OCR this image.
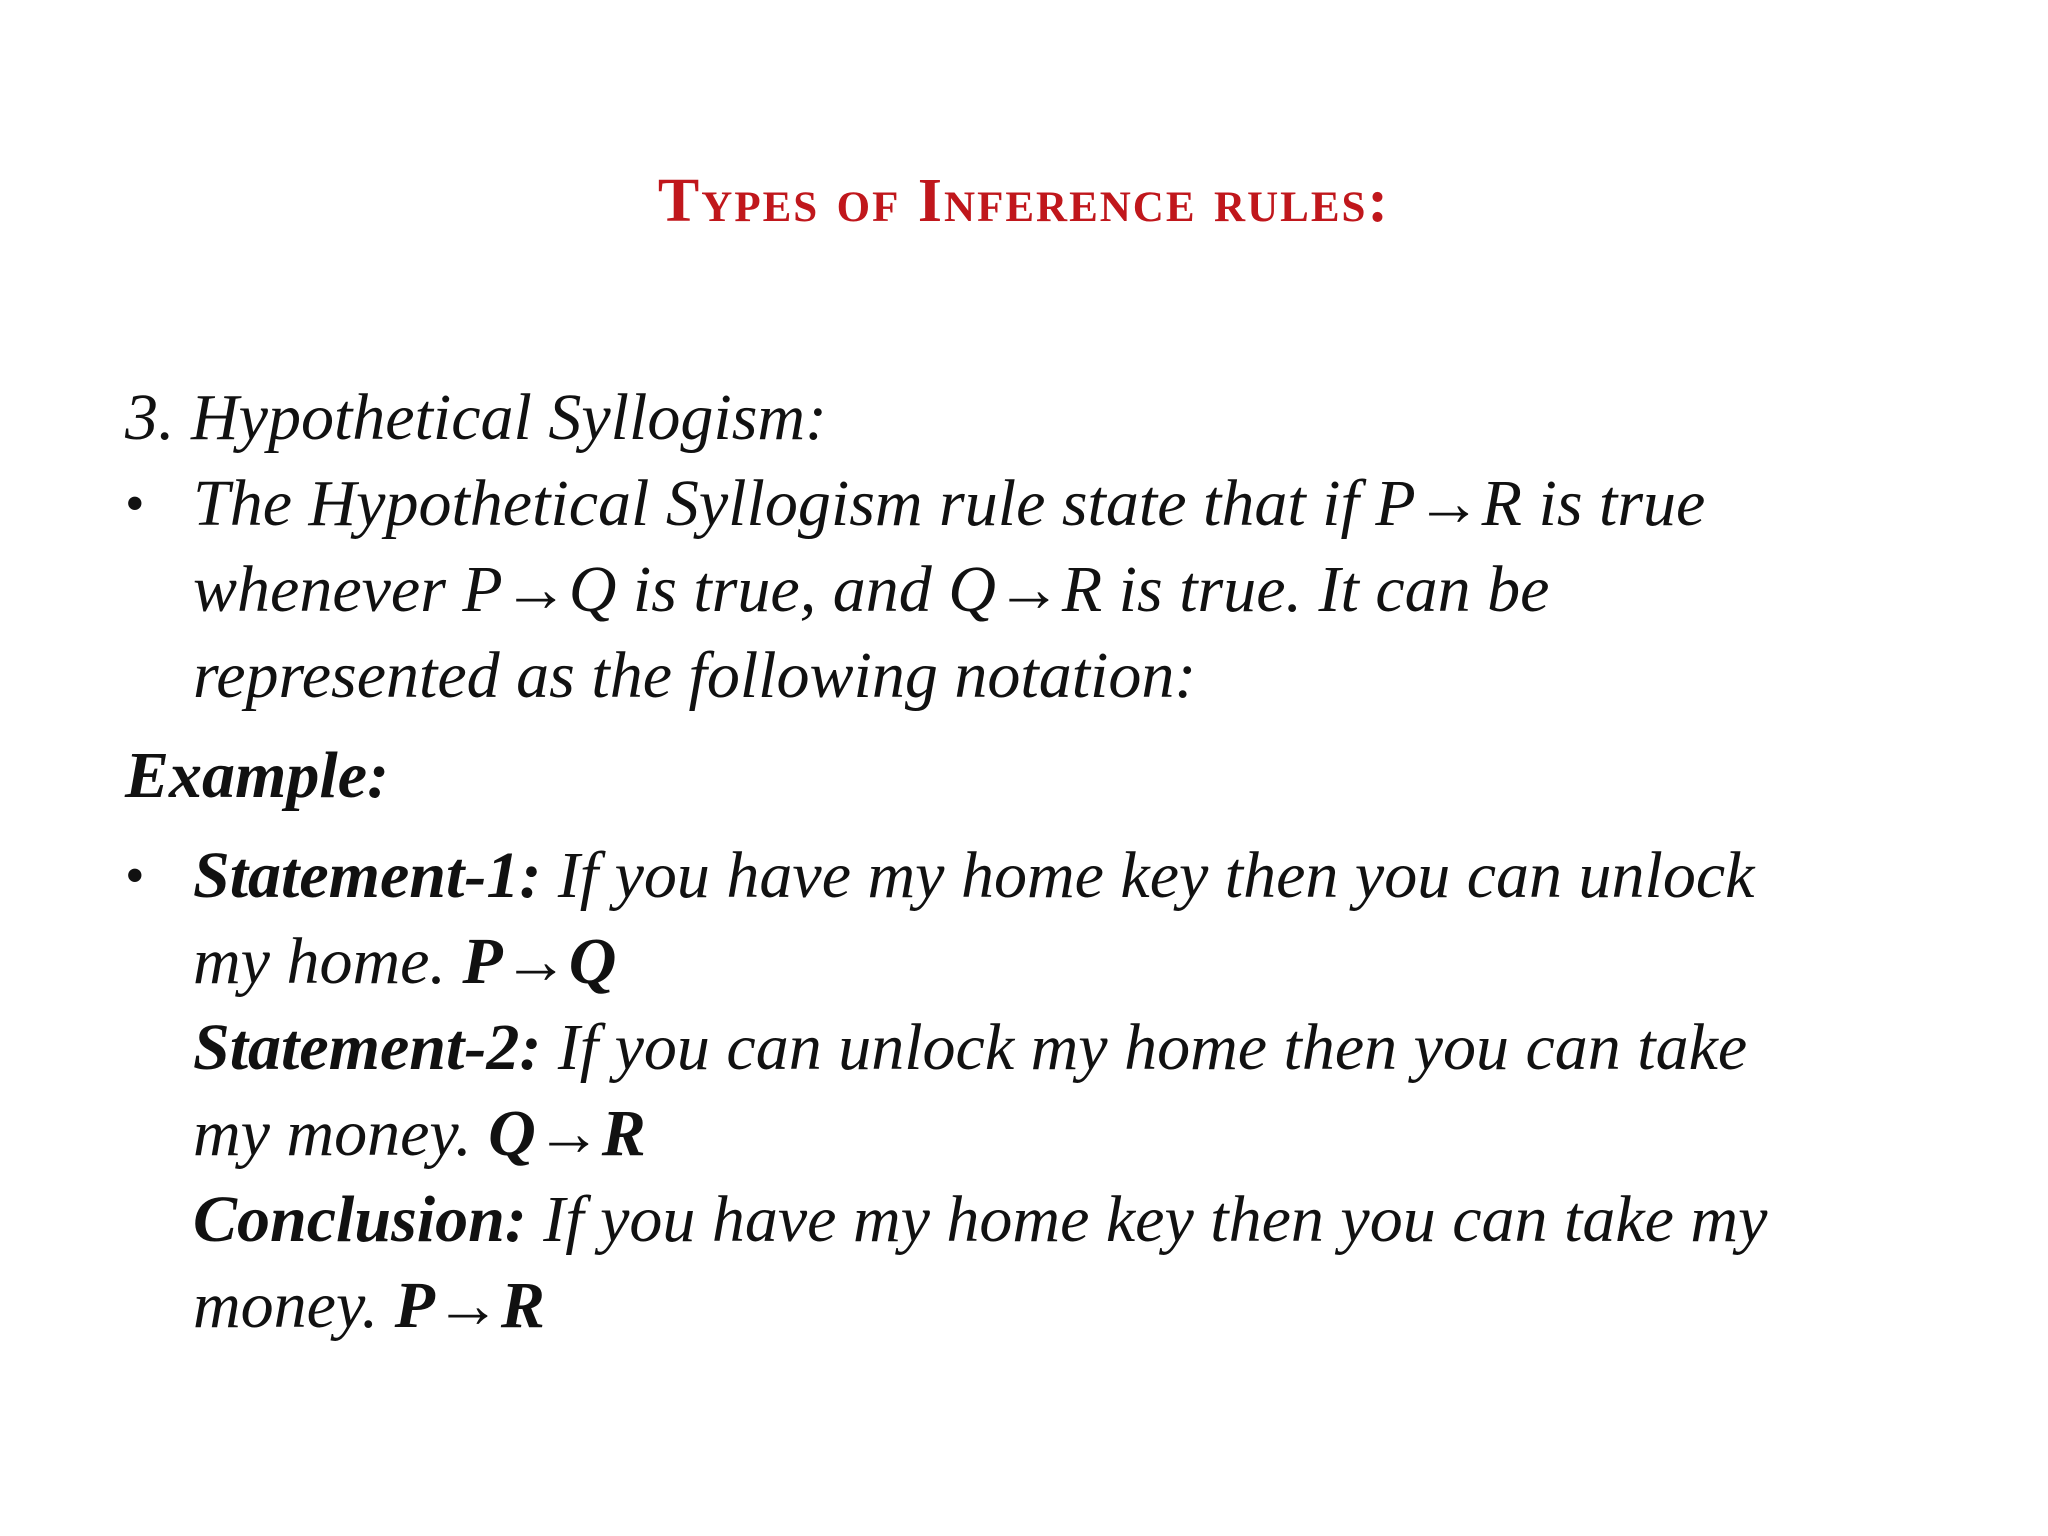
Types of Inference rules:

3. Hypothetical Syllogism:

• The Hypothetical Syllogism rule state that if P→R is true
whenever P→Q is true, and Q→R is true. It can be
represented as the following notation:

Example:

• Statement-1: If you have my home key then you can unlock
my home. P→Q
Statement-2: If you can unlock my home then you can take
my money. Q→R
Conclusion: If you have my home key then you can take my
money. P→R
